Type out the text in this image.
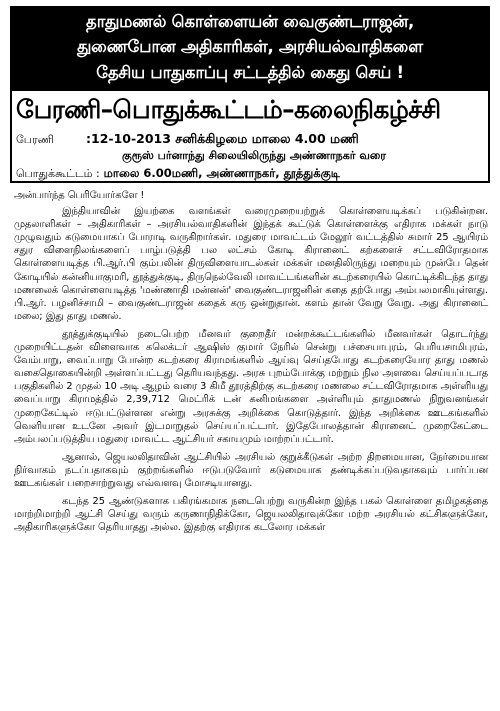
தாதுமணல் கொள்ளையன் வைகுண்டராஜன்,
துணைபோன அதிகாரிகள், அரசியல்வாதிகளை
தேசிய பாதுகாப்பு சட்டத்தில் கைது செய் !
பேரணி–பொதுக்கூட்டம்–கலைநிகழ்ச்சி
பேரணி	:12-10-2013 சனிக்கிழமை மாலை 4.00 மணி
குரூஸ் பர்னாந்து சிலையிலிருந்து அண்ணாநகர் வரை
பொதுக்கூட்டம் : மாலை 6.00மணி, அண்ணாநகர், தூத்துக்குடி

அன்பார்ந்த பெரியோர்களே !

இந்தியாவின் இயற்கை வளங்கள் வரைமுறையற்றுக் கொள்ளையடிக்கப் படுகின்றன. முதலாளிகள் – அதிகாரிகள் – அரசியல்வாதிகளின் இந்தக் கூட்டுக் கொள்ளைக்கு எதிராக மக்கள் நாடு முழுவதும் கடுமையாகப் போராடி வருகிறார்கள். மதுரை மாவட்டம் மேலூர் வட்டத்தில் சுமார் 25 ஆயிரம் சதுர விளைநிலங்களைப் பாழ்படுத்தி பல லட்சம் கோடி கிரானைட் கற்களைச் சட்டவிரோதமாக கொள்ளையடித்த பி.ஆர்.பி கும்பலின் திருவிளையாடல்கள் மக்கள் மனதிலிருந்து மறையும் முன்பே தென் கோடியில் கன்னியாகுமரி, தூத்துக்குடி, திருநெல்வேலி மாவட்டங்களின் கடற்கரையில் கொட்டிக்கிடந்த தாது மணலைக் கொள்ளையடித்த 'மண்ணாதி மன்னன்' வைகுண்டராஜனின் கதை தற்போது அம்பலமாகியுள்ளது. பி.ஆர். பழனிச்சாமி – வைகுண்டராஜன் கதைக் கரு ஒன்றுதான். களம் தான் வேறு வேறு. அது கிரானைட் மலை; இது தாது மணல்.

தூத்துக்குடியில் நடைபெற்ற மீனவர் குறைதீர் மன்றக்கூட்டங்களில் மீனவர்கள் தொடர்ந்து முறையிட்டதன் விளைவாக கலெக்டர் ஆஷிஸ் குமார் நேரில் சென்று பச்சையாபுரம், பெரியசாமிபுரம், வேம்பாறு, வைப்பாறு போன்ற கடற்கரை கிராமங்களில் ஆய்வு செய்தபோது கடற்கரையோர தாது மணல் வகைதொகையின்றி அள்ளப்பட்டது தெரியவந்தது. அரசு புறம்போக்கு மற்றும் நில அளவை செய்யப்படாத பகுதிகளில் 2 முதல் 10 அடி ஆழம் வரை 3 கிமீ தூரத்திற்கு கடற்கரை மணலை சட்டவிரோதமாக அள்ளியது வைப்பாறு கிராமத்தில் 2,39,712 மெட்ரிக் டன் கனிமங்களை அள்ளியும் தாதுமணல் நிறுவனங்கள் முறைகேட்டில் ஈடுபட்டுள்ளன என்று அரசுக்கு அறிக்கை கொடுத்தார். இந்த அறிக்கை ஊடகங்களில் வெளியான உடனே அவர் இடமாறுதல் செய்யப்பட்டார். இதேபோலத்தான் கிரானைட் முறைகேட்டை அம்பலப்படுத்திய மதுரை மாவட்ட ஆட்சியர் சகாயமும் மாற்றப்பட்டார்.

ஆனால், ஜெயலலிதாவின் ஆட்சியில் அரசியல் குறுக்கீடுகள் அற்ற திறமையான, நேர்மையான நிர்வாகம் நடப்பதாகவும் குற்றங்களில் ஈடுபடுவோர் கடுமையாக தண்டிக்கப்படுவதாகவும் பார்ப்பன ஊடகங்கள் பறைசாற்றுவது எவ்வளவு மோசடியானது.

கடந்த 25 ஆண்டுகளாக பகிரங்கமாக நடைபெற்று வருகின்ற இந்த பகல் கொள்ளை தமிழகத்தை மாற்றிமாற்றி ஆட்சி செய்து வரும் கருணாநிதிக்கோ, ஜெயலலிதாவுக்கோ மற்ற அரசியல் கட்சிகளுக்கோ, அதிகாரிகளுக்கோ தெரியாதது அல்ல. இதற்கு எதிராக கடலோர மக்கள்
